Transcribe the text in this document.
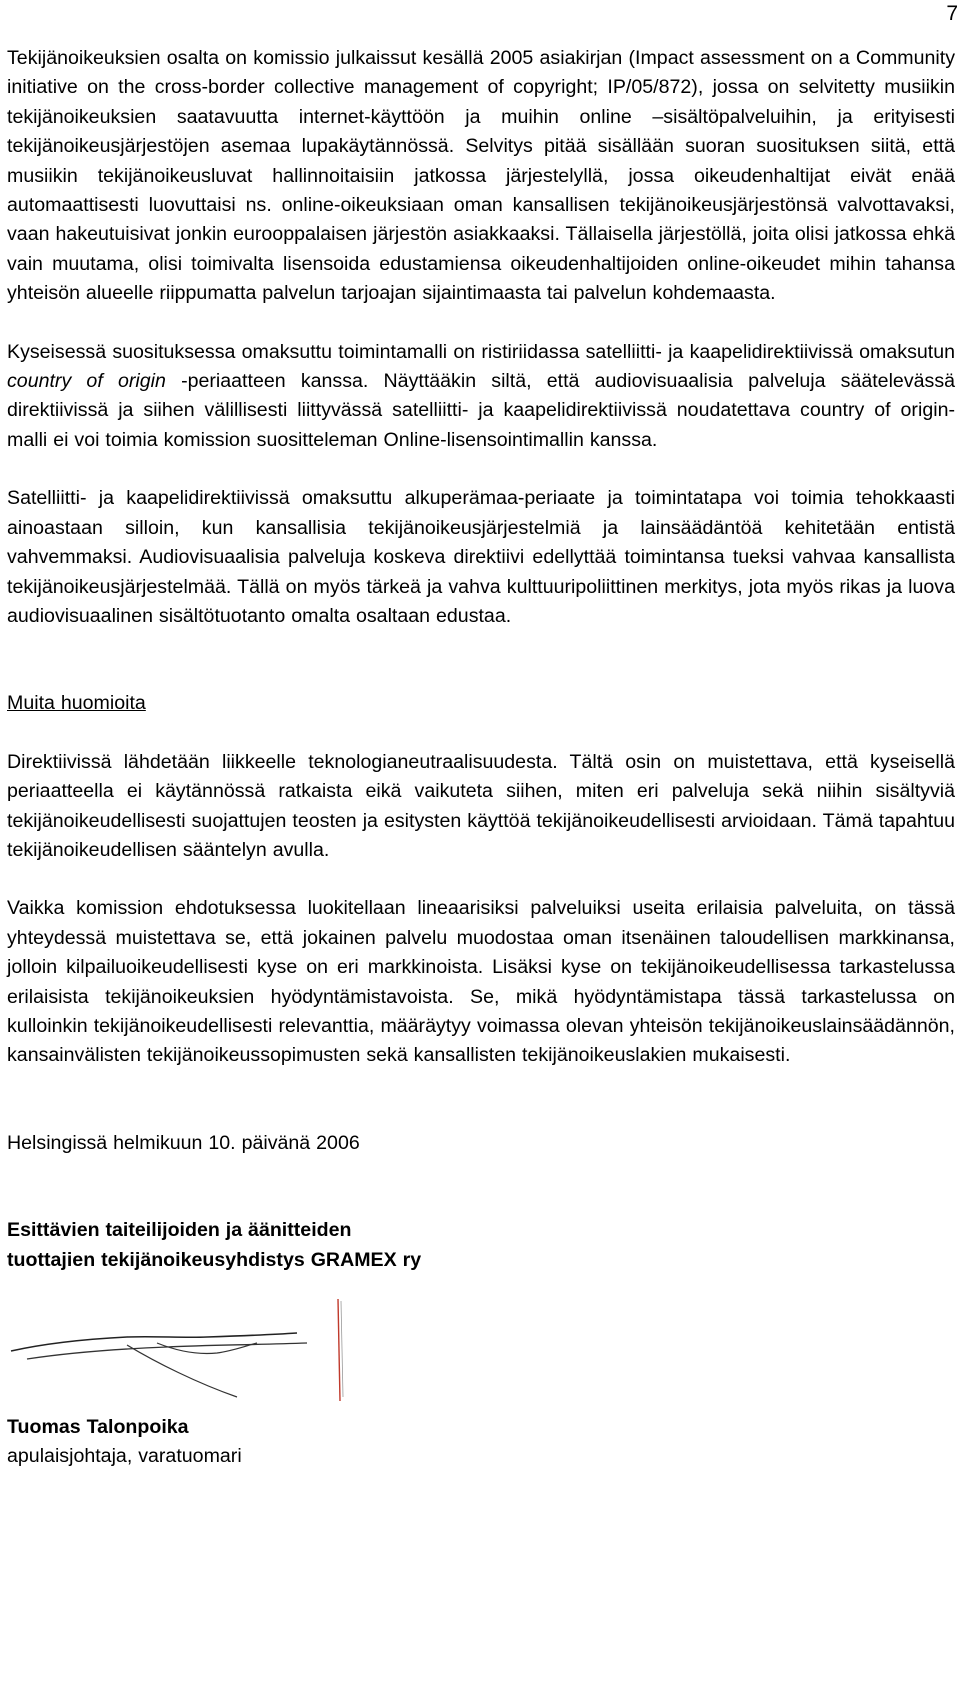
7

Tekijänoikeuksien osalta on komissio julkaissut kesällä 2005 asiakirjan (Impact assessment on a Community initiative on the cross-border collective management of copyright; IP/05/872), jossa on selvitetty musiikin tekijänoikeuksien saatavuutta internet-käyttöön ja muihin online –sisältöpalveluihin, ja erityisesti tekijänoikeusjärjestöjen asemaa lupakäytännössä. Selvitys pitää sisällään suoran suosituksen siitä, että musiikin tekijänoikeusluvat hallinnoitaisiin jatkossa järjestelyllä, jossa oikeudenhaltijat eivät enää automaattisesti luovuttaisi ns. online-oikeuksiaan oman kansallisen tekijänoikeusjärjestönsä valvottavaksi, vaan hakeutuisivat jonkin eurooppalaisen järjestön asiakkaaksi. Tällaisella järjestöllä, joita olisi jatkossa ehkä vain muutama, olisi toimivalta lisensoida edustamiensa oikeudenhaltijoiden online-oikeudet mihin tahansa yhteisön alueelle riippumatta palvelun tarjoajan sijaintimaasta tai palvelun kohdemaasta.

Kyseisessä suosituksessa omaksuttu toimintamalli on ristiriidassa satelliitti- ja kaapelidirektiivissä omaksutun country of origin -periaatteen kanssa. Näyttääkin siltä, että audiovisuaalisia palveluja säätelevässä direktiivissä ja siihen välillisesti liittyvässä satelliitti- ja kaapelidirektiivissä noudatettava country of origin- malli ei voi toimia komission suositteleman Online-lisensointimallin kanssa.

Satelliitti- ja kaapelidirektiivissä omaksuttu alkuperämaa-periaate ja toimintatapa voi toimia tehokkaasti ainoastaan silloin, kun kansallisia tekijänoikeusjärjestelmiä ja lainsäädäntöä kehitetään entistä vahvemmaksi. Audiovisuaalisia palveluja koskeva direktiivi edellyttää toimintansa tueksi vahvaa kansallista tekijänoikeusjärjestelmää. Tällä on myös tärkeä ja vahva kulttuuripoliittinen merkitys, jota myös rikas ja luova audiovisuaalinen sisältötuotanto omalta osaltaan edustaa.

Muita huomioita

Direktiivissä lähdetään liikkeelle teknologianeutraalisuudesta. Tältä osin on muistettava, että kyseisellä periaatteella ei käytännössä ratkaista eikä vaikuteta siihen, miten eri palveluja sekä niihin sisältyviä tekijänoikeudellisesti suojattujen teosten ja esitysten käyttöä tekijänoikeudellisesti arvioidaan. Tämä tapahtuu tekijänoikeudellisen sääntelyn avulla.

Vaikka komission ehdotuksessa luokitellaan lineaarisiksi palveluiksi useita erilaisia palveluita, on tässä yhteydessä muistettava se, että jokainen palvelu muodostaa oman itsenäinen taloudellisen markkinansa, jolloin kilpailuoikeudellisesti kyse on eri markkinoista. Lisäksi kyse on tekijänoikeudellisessa tarkastelussa erilaisista tekijänoikeuksien hyödyntämistavoista. Se, mikä hyödyntämistapa tässä tarkastelussa on kulloinkin tekijänoikeudellisesti relevanttia, määräytyy voimassa olevan yhteisön tekijänoikeuslainsäädännön, kansainvälisten tekijänoikeussopimusten sekä kansallisten tekijänoikeuslakien mukaisesti.

Helsingissä helmikuun 10. päivänä 2006

Esittävien taiteilijoiden ja äänitteiden
tuottajien tekijänoikeusyhdistys GRAMEX ry

Tuomas Talonpoika
apulaisjohtaja, varatuomari
